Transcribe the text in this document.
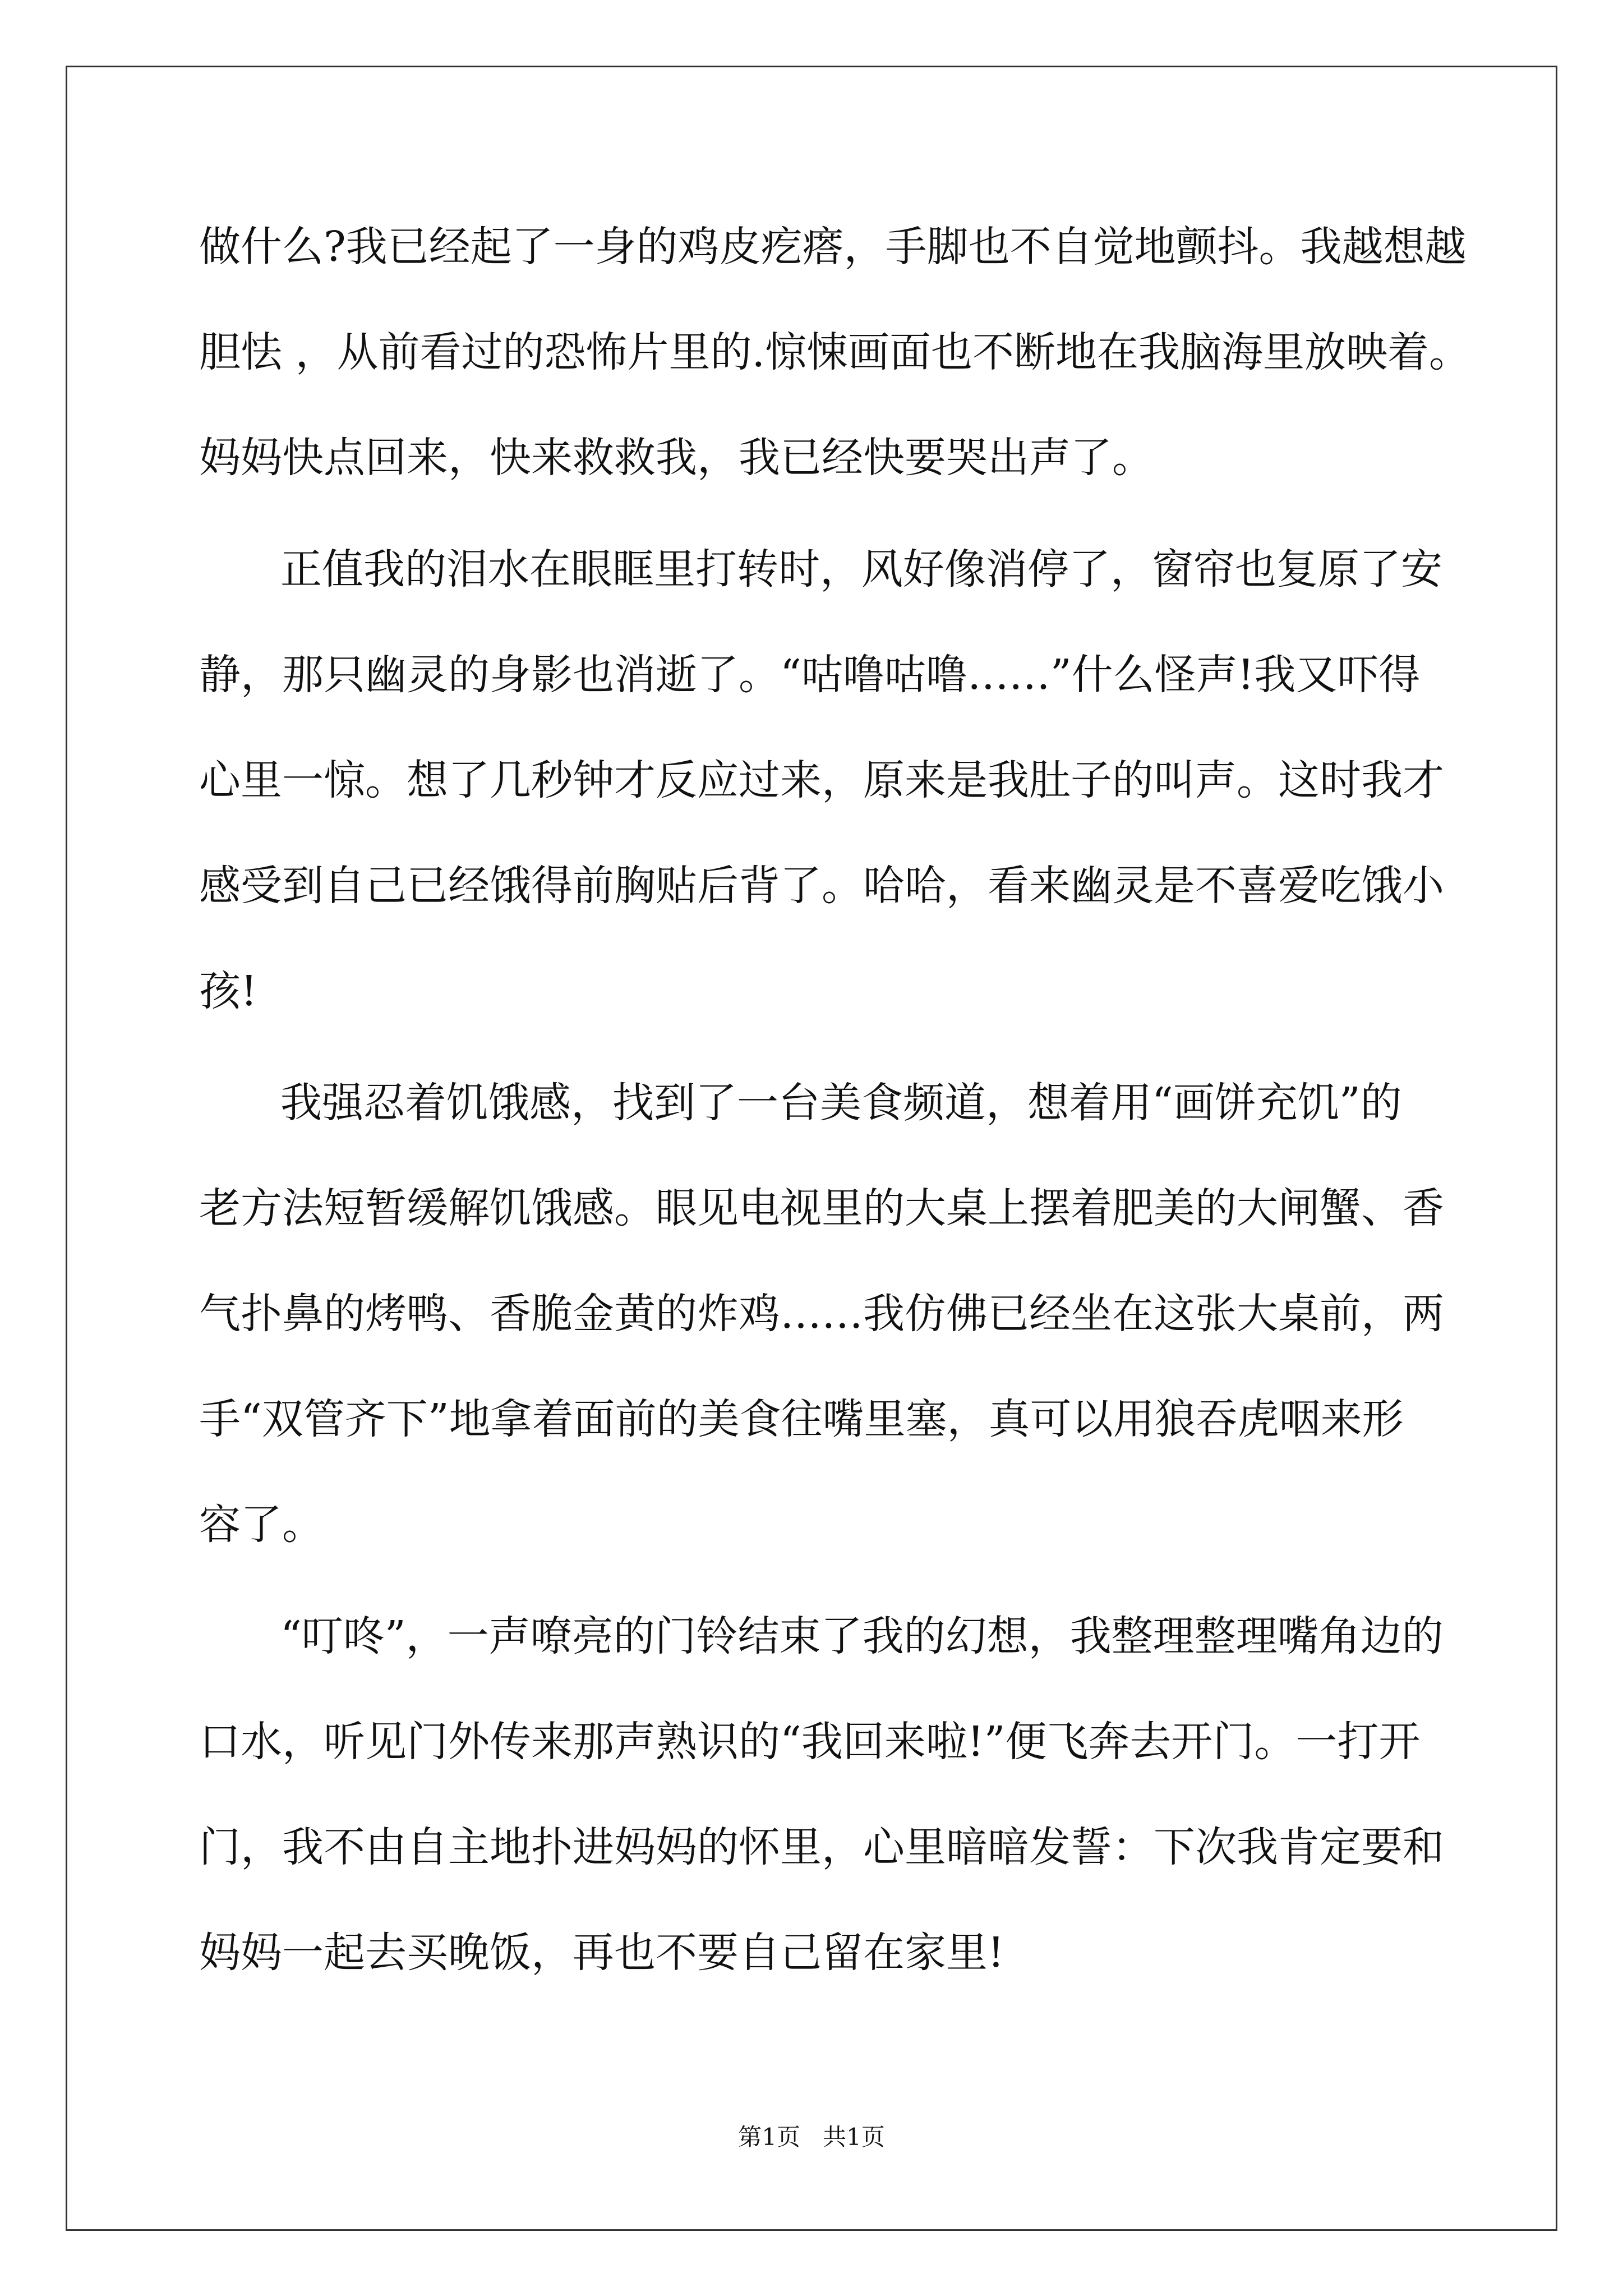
做什么?我已经起了一身的鸡皮疙瘩，手脚也不自觉地颤抖。我越想越

胆怯 ，从前看过的恐怖片里的.惊悚画面也不断地在我脑海里放映着。

妈妈快点回来，快来救救我，我已经快要哭出声了。

正值我的泪水在眼眶里打转时，风好像消停了，窗帘也复原了安

静，那只幽灵的身影也消逝了。“咕噜咕噜……”什么怪声!我又吓得

心里一惊。想了几秒钟才反应过来，原来是我肚子的叫声。这时我才

感受到自己已经饿得前胸贴后背了。哈哈，看来幽灵是不喜爱吃饿小

孩!

我强忍着饥饿感，找到了一台美食频道，想着用“画饼充饥”的

老方法短暂缓解饥饿感。眼见电视里的大桌上摆着肥美的大闸蟹、香

气扑鼻的烤鸭、香脆金黄的炸鸡……我仿佛已经坐在这张大桌前，两

手“双管齐下”地拿着面前的美食往嘴里塞，真可以用狼吞虎咽来形

容了。

“叮咚”，一声嘹亮的门铃结束了我的幻想，我整理整理嘴角边的

口水，听见门外传来那声熟识的“我回来啦!”便飞奔去开门。一打开

门，我不由自主地扑进妈妈的怀里，心里暗暗发誓：下次我肯定要和

妈妈一起去买晚饭，再也不要自己留在家里!

第1页 共1页
